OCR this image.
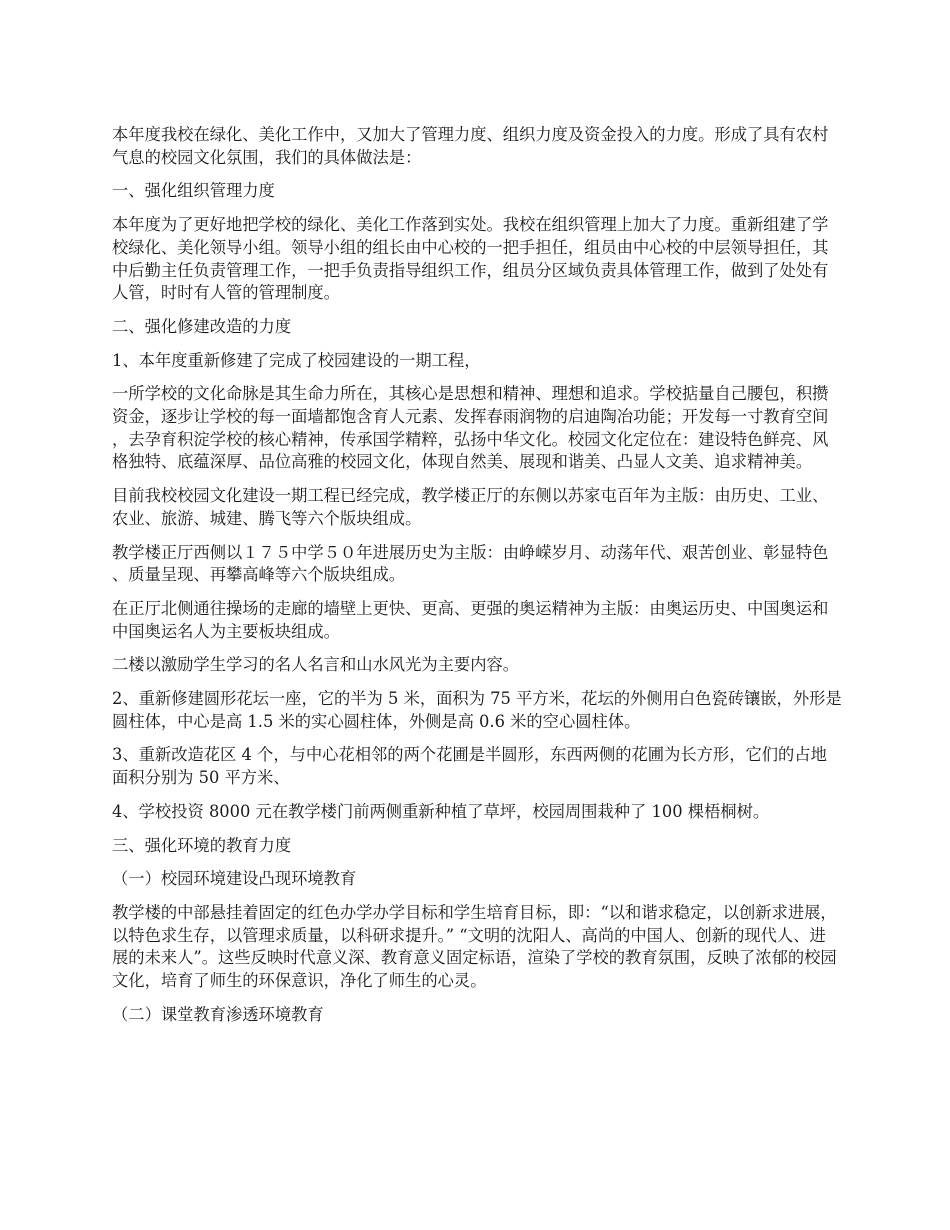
本年度我校在绿化、美化工作中，又加大了管理力度、组织力度及资金投入的力度。形成了具有农村气息的校园文化氛围，我们的具体做法是：

一、强化组织管理力度

本年度为了更好地把学校的绿化、美化工作落到实处。我校在组织管理上加大了力度。重新组建了学校绿化、美化领导小组。领导小组的组长由中心校的一把手担任，组员由中心校的中层领导担任，其中后勤主任负责管理工作，一把手负责指导组织工作，组员分区域负责具体管理工作，做到了处处有人管，时时有人管的管理制度。

二、强化修建改造的力度

1、本年度重新修建了完成了校园建设的一期工程，

一所学校的文化命脉是其生命力所在，其核心是思想和精神、理想和追求。学校掂量自己腰包，积攒资金，逐步让学校的每一面墙都饱含育人元素、发挥春雨润物的启迪陶冶功能；开发每一寸教育空间，去孕育积淀学校的核心精神，传承国学精粹，弘扬中华文化。校园文化定位在：建设特色鲜亮、风格独特、底蕴深厚、品位高雅的校园文化，体现自然美、展现和谐美、凸显人文美、追求精神美。

目前我校校园文化建设一期工程已经完成，教学楼正厅的东侧以苏家屯百年为主版：由历史、工业、农业、旅游、城建、腾飞等六个版块组成。

教学楼正厅西侧以１７５中学５０年进展历史为主版：由峥嵘岁月、动荡年代、艰苦创业、彰显特色、质量呈现、再攀高峰等六个版块组成。

在正厅北侧通往操场的走廊的墙壁上更快、更高、更强的奥运精神为主版：由奥运历史、中国奥运和中国奥运名人为主要板块组成。

二楼以激励学生学习的名人名言和山水风光为主要内容。

2、重新修建圆形花坛一座，它的半为 5 米，面积为 75 平方米，花坛的外侧用白色瓷砖镶嵌，外形是圆柱体，中心是高 1.5 米的实心圆柱体，外侧是高 0.6 米的空心圆柱体。

3、重新改造花区 4 个，与中心花相邻的两个花圃是半圆形，东西两侧的花圃为长方形，它们的占地面积分别为 50 平方米、

4、学校投资 8000 元在教学楼门前两侧重新种植了草坪，校园周围栽种了 100 棵梧桐树。

三、强化环境的教育力度

（一）校园环境建设凸现环境教育

教学楼的中部悬挂着固定的红色办学办学目标和学生培育目标，即：“以和谐求稳定，以创新求进展，以特色求生存，以管理求质量，以科研求提升。” “文明的沈阳人、高尚的中国人、创新的现代人、进展的未来人”。这些反映时代意义深、教育意义固定标语，渲染了学校的教育氛围，反映了浓郁的校园文化，培育了师生的环保意识，净化了师生的心灵。

（二）课堂教育渗透环境教育
